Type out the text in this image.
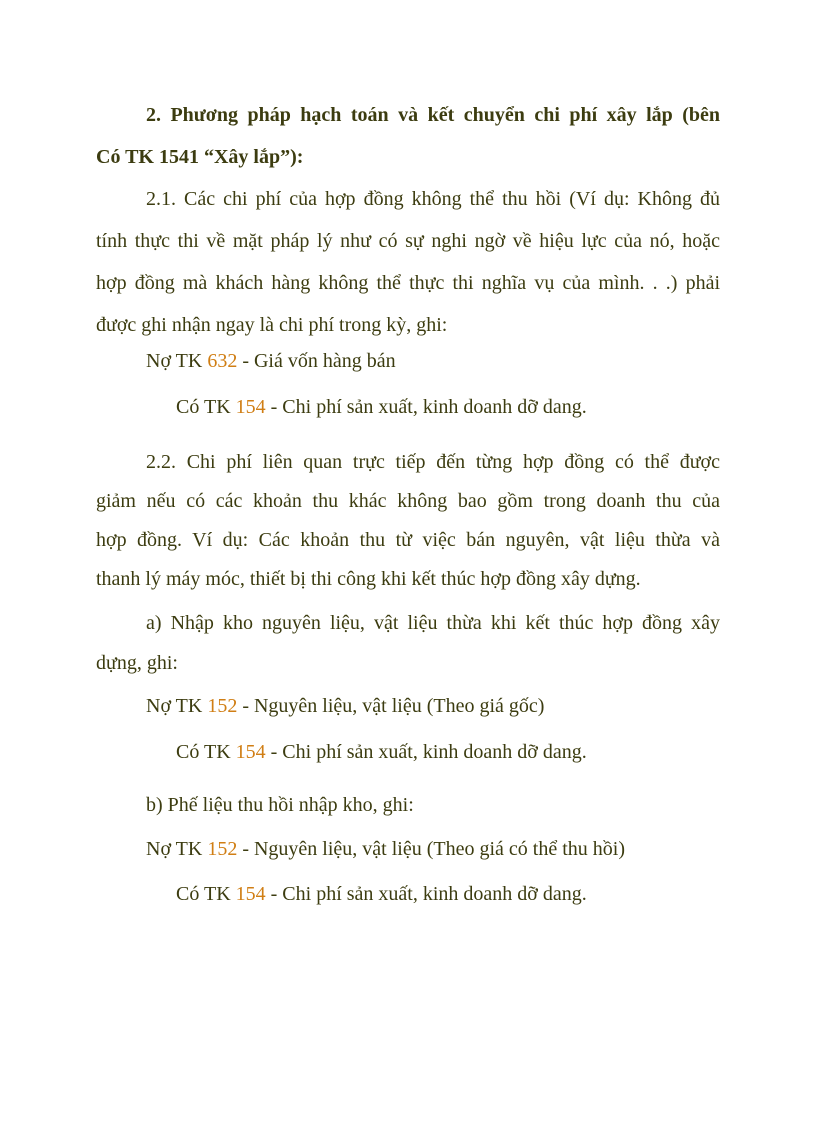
2. Phương pháp hạch toán và kết chuyển chi phí xây lắp (bên
Có TK 1541 “Xây lắp”):
2.1. Các chi phí của hợp đồng không thể thu hồi (Ví dụ: Không đủ
tính thực thi về mặt pháp lý như có sự nghi ngờ về hiệu lực của nó, hoặc
hợp đồng mà khách hàng không thể thực thi nghĩa vụ của mình. . .) phải
được ghi nhận ngay là chi phí trong kỳ, ghi:
Nợ TK 632 - Giá vốn hàng bán
Có TK 154 - Chi phí sản xuất, kinh doanh dỡ dang.
2.2. Chi phí liên quan trực tiếp đến từng hợp đồng có thể được
giảm nếu có các khoản thu khác không bao gồm trong doanh thu của
hợp đồng. Ví dụ: Các khoản thu từ việc bán nguyên, vật liệu thừa và
thanh lý máy móc, thiết bị thi công khi kết thúc hợp đồng xây dựng.
a) Nhập kho nguyên liệu, vật liệu thừa khi kết thúc hợp đồng xây
dựng, ghi:
Nợ TK 152 - Nguyên liệu, vật liệu (Theo giá gốc)
Có TK 154 - Chi phí sản xuất, kinh doanh dỡ dang.
b) Phế liệu thu hồi nhập kho, ghi:
Nợ TK 152 - Nguyên liệu, vật liệu (Theo giá có thể thu hồi)
Có TK 154 - Chi phí sản xuất, kinh doanh dỡ dang.
